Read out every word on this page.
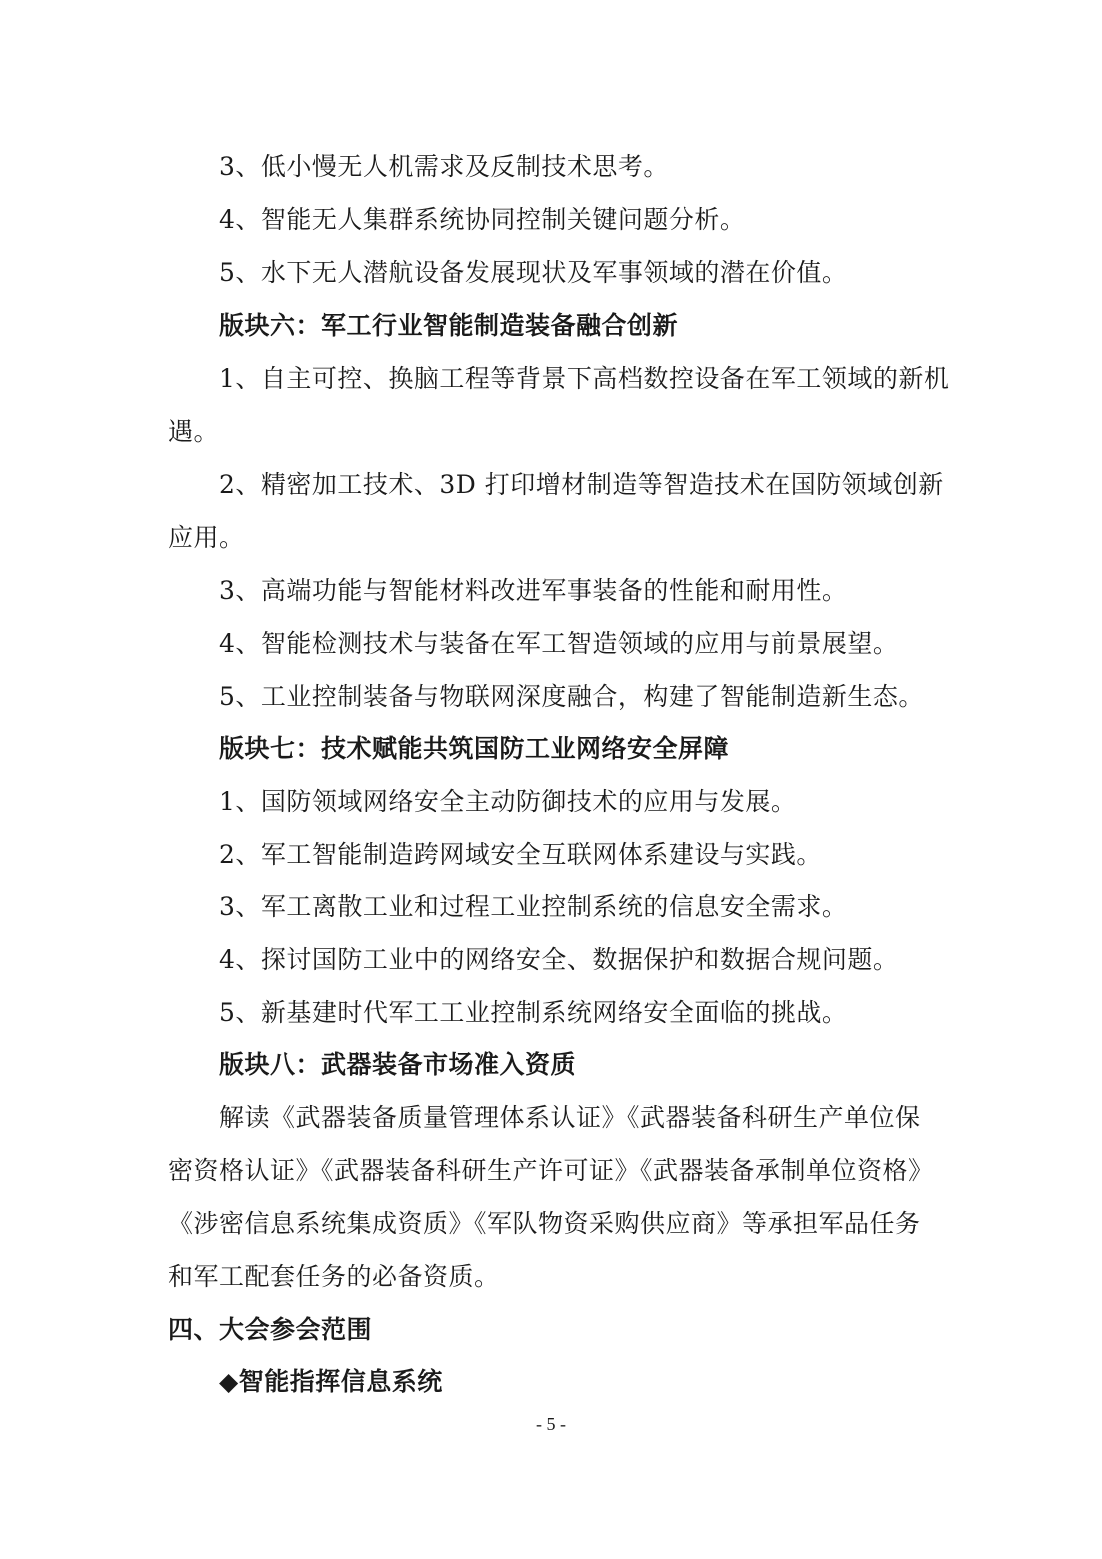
3、低小慢无人机需求及反制技术思考。
4、智能无人集群系统协同控制关键问题分析。
5、水下无人潜航设备发展现状及军事领域的潜在价值。
版块六：军工行业智能制造装备融合创新
1、自主可控、换脑工程等背景下高档数控设备在军工领域的新机
遇。
2、精密加工技术、3D 打印增材制造等智造技术在国防领域创新
应用。
3、高端功能与智能材料改进军事装备的性能和耐用性。
4、智能检测技术与装备在军工智造领域的应用与前景展望。
5、工业控制装备与物联网深度融合，构建了智能制造新生态。
版块七：技术赋能共筑国防工业网络安全屏障
1、国防领域网络安全主动防御技术的应用与发展。
2、军工智能制造跨网域安全互联网体系建设与实践。
3、军工离散工业和过程工业控制系统的信息安全需求。
4、探讨国防工业中的网络安全、数据保护和数据合规问题。
5、新基建时代军工工业控制系统网络安全面临的挑战。
版块八：武器装备市场准入资质
解读《武器装备质量管理体系认证》《武器装备科研生产单位保
密资格认证》《武器装备科研生产许可证》《武器装备承制单位资格》
《涉密信息系统集成资质》《军队物资采购供应商》等承担军品任务
和军工配套任务的必备资质。
四、大会参会范围
◆智能指挥信息系统
- 5 -
